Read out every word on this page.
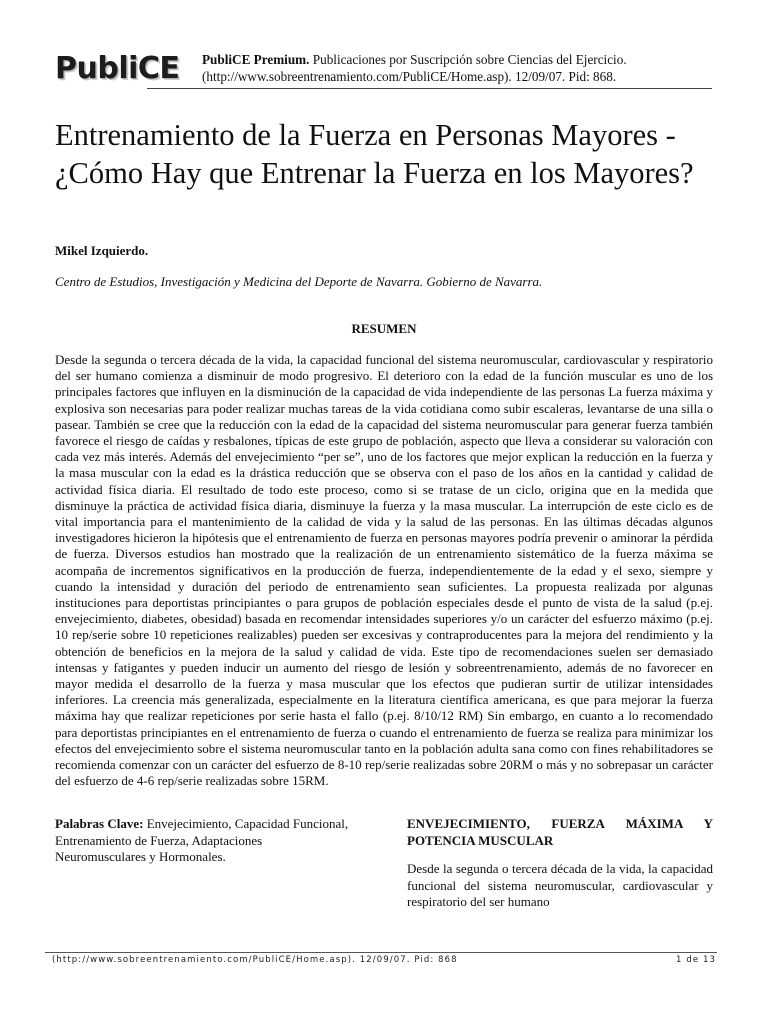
PubliCE PubliCE Premium. Publicaciones por Suscripción sobre Ciencias del Ejercicio.
(http://www.sobreentrenamiento.com/PubliCE/Home.asp). 12/09/07. Pid: 868.
Entrenamiento de la Fuerza en Personas Mayores - ¿Cómo Hay que Entrenar la Fuerza en los Mayores?
Mikel Izquierdo.
Centro de Estudios, Investigación y Medicina del Deporte de Navarra. Gobierno de Navarra.
RESUMEN

Desde la segunda o tercera década de la vida, la capacidad funcional del sistema neuromuscular, cardiovascular y respiratorio del ser humano comienza a disminuir de modo progresivo. El deterioro con la edad de la función muscular es uno de los principales factores que influyen en la disminución de la capacidad de vida independiente de las personas La fuerza máxima y explosiva son necesarias para poder realizar muchas tareas de la vida cotidiana como subir escaleras, levantarse de una silla o pasear. También se cree que la reducción con la edad de la capacidad del sistema neuromuscular para generar fuerza también favorece el riesgo de caídas y resbalones, típicas de este grupo de población, aspecto que lleva a considerar su valoración con cada vez más interés. Además del envejecimiento “per se”, uno de los factores que mejor explican la reducción en la fuerza y la masa muscular con la edad es la drástica reducción que se observa con el paso de los años en la cantidad y calidad de actividad física diaria. El resultado de todo este proceso, como si se tratase de un ciclo, origina que en la medida que disminuye la práctica de actividad física diaria, disminuye la fuerza y la masa muscular. La interrupción de este ciclo es de vital importancia para el mantenimiento de la calidad de vida y la salud de las personas. En las últimas décadas algunos investigadores hicieron la hipótesis que el entrenamiento de fuerza en personas mayores podría prevenir o aminorar la pérdida de fuerza. Diversos estudios han mostrado que la realización de un entrenamiento sistemático de la fuerza máxima se acompaña de incrementos significativos en la producción de fuerza, independientemente de la edad y el sexo, siempre y cuando la intensidad y duración del periodo de entrenamiento sean suficientes. La propuesta realizada por algunas instituciones para deportistas principiantes o para grupos de población especiales desde el punto de vista de la salud (p.ej. envejecimiento, diabetes, obesidad) basada en recomendar intensidades superiores y/o un carácter del esfuerzo máximo (p.ej. 10 rep/serie sobre 10 repeticiones realizables) pueden ser excesivas y contraproducentes para la mejora del rendimiento y la obtención de beneficios en la mejora de la salud y calidad de vida. Este tipo de recomendaciones suelen ser demasiado intensas y fatigantes y pueden inducir un aumento del riesgo de lesión y sobreentrenamiento, además de no favorecer en mayor medida el desarrollo de la fuerza y masa muscular que los efectos que pudieran surtir de utilizar intensidades inferiores. La creencia más generalizada, especialmente en la literatura científica americana, es que para mejorar la fuerza máxima hay que realizar repeticiones por serie hasta el fallo (p.ej. 8/10/12 RM) Sin embargo, en cuanto a lo recomendado para deportistas principiantes en el entrenamiento de fuerza o cuando el entrenamiento de fuerza se realiza para minimizar los efectos del envejecimiento sobre el sistema neuromuscular tanto en la población adulta sana como con fines rehabilitadores se recomienda comenzar con un carácter del esfuerzo de 8-10 rep/serie realizadas sobre 20RM o más y no sobrepasar un carácter del esfuerzo de 4-6 rep/serie realizadas sobre 15RM.

Palabras Clave: Envejecimiento, Capacidad Funcional, Entrenamiento de Fuerza, Adaptaciones Neuromusculares y Hormonales.

ENVEJECIMIENTO, FUERZA MÁXIMA Y POTENCIA MUSCULAR

Desde la segunda o tercera década de la vida, la capacidad funcional del sistema neuromuscular, cardiovascular y respiratorio del ser humano

(http://www.sobreentrenamiento.com/PubliCE/Home.asp). 12/09/07. Pid: 868	1 de 13
